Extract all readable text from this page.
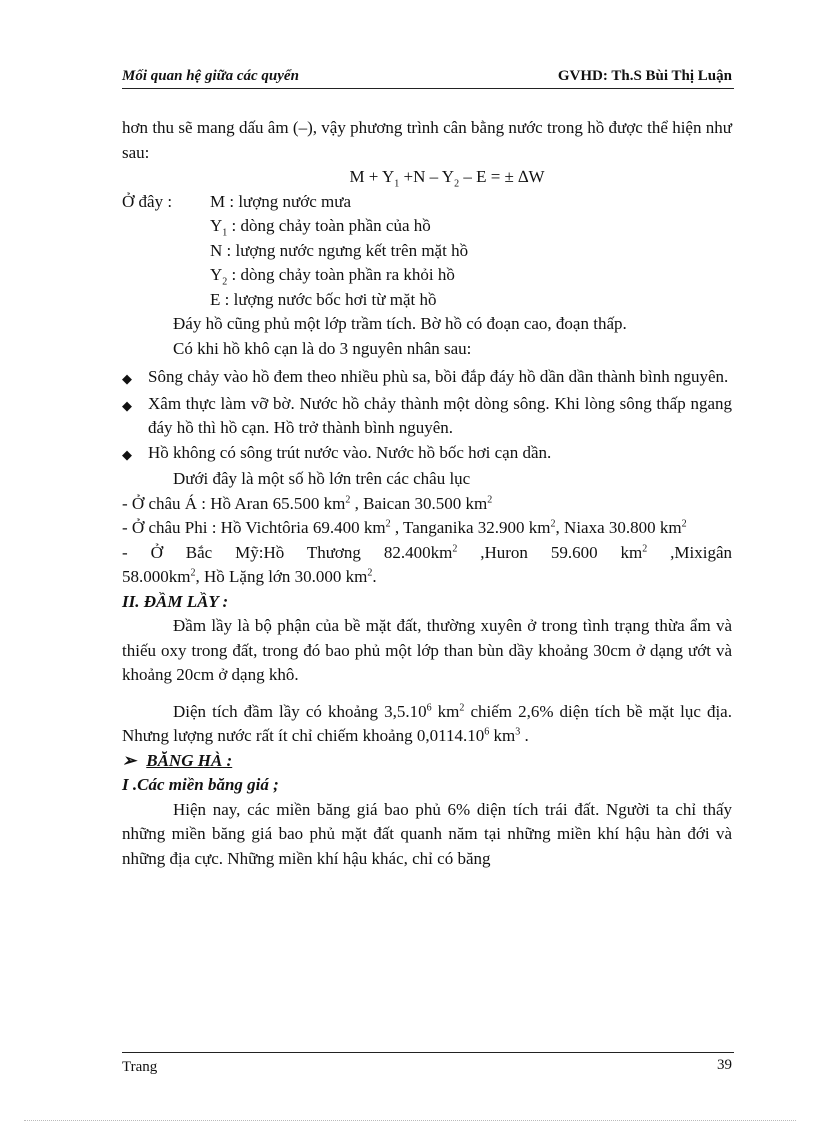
Mối quan hệ giữa các quyển	GVHD: Th.S Bùi Thị Luận

hơn thu sẽ mang dấu âm (–), vậy phương trình cân bằng nước trong hồ được thể hiện như sau:

$M + Y_1 +N - Y_2 - E$ = ± ∆W

Ở đây :	M : lượng nước mưa
$Y_1$ : dòng chảy toàn phần của hồ
N : lượng nước ngưng kết trên mặt hồ
$Y_2$ : dòng chảy toàn phần ra khỏi hồ
E : lượng nước bốc hơi từ mặt hồ

Đáy hồ cũng phủ một lớp trầm tích. Bờ hồ có đoạn cao, đoạn thấp.

Có khi hồ khô cạn là do 3 nguyên nhân sau:

◆ Sông chảy vào hồ đem theo nhiều phù sa, bồi đắp đáy hồ dần dần thành bình nguyên.
◆ Xâm thực làm vỡ bờ. Nước hồ chảy thành một dòng sông. Khi lòng sông thấp ngang đáy hồ thì hồ cạn. Hồ trở thành bình nguyên.
◆ Hồ không có sông trút nước vào. Nước hồ bốc hơi cạn dần.

Dưới đây là một số hồ lớn trên các châu lục

- Ở châu Á : Hồ Aran 65.500 $km^2$ , Baican 30.500 $km^2$

- Ở châu Phi : Hồ Vichtôria 69.400 $km^2$ , Tanganika 32.900 $km^2$, Niaxa 30.800 $km^2$

- Ở Bắc Mỹ:Hồ Thương $82.400km^2$ ,Huron 59.600 $km^2$ ,Mixigân

$58.000km^2$, Hồ Lặng lớn 30.000 $km^2$.

II. ĐẦM LẦY :

Đầm lầy là bộ phận của bề mặt đất, thường xuyên ở trong tình trạng thừa ẩm và thiếu oxy trong đất, trong đó bao phủ một lớp than bùn dầy khoảng 30cm ở dạng ướt và khoảng 20cm ở dạng khô.

Diện tích đầm lầy có khoảng 3,5.10$^6$ $km^2$ chiếm 2,6% diện tích bề mặt lục địa. Nhưng lượng nước rất ít chỉ chiếm khoảng 0,0114.10$^6$ $km^3$ .

➢ BĂNG HÀ :

I .Các miền băng giá ;

Hiện nay, các miền băng giá bao phủ 6% diện tích trái đất. Người ta chỉ thấy những miền băng giá bao phủ mặt đất quanh năm tại những miền khí hậu hàn đới và những địa cực. Những miền khí hậu khác, chỉ có băng

Trang	39
